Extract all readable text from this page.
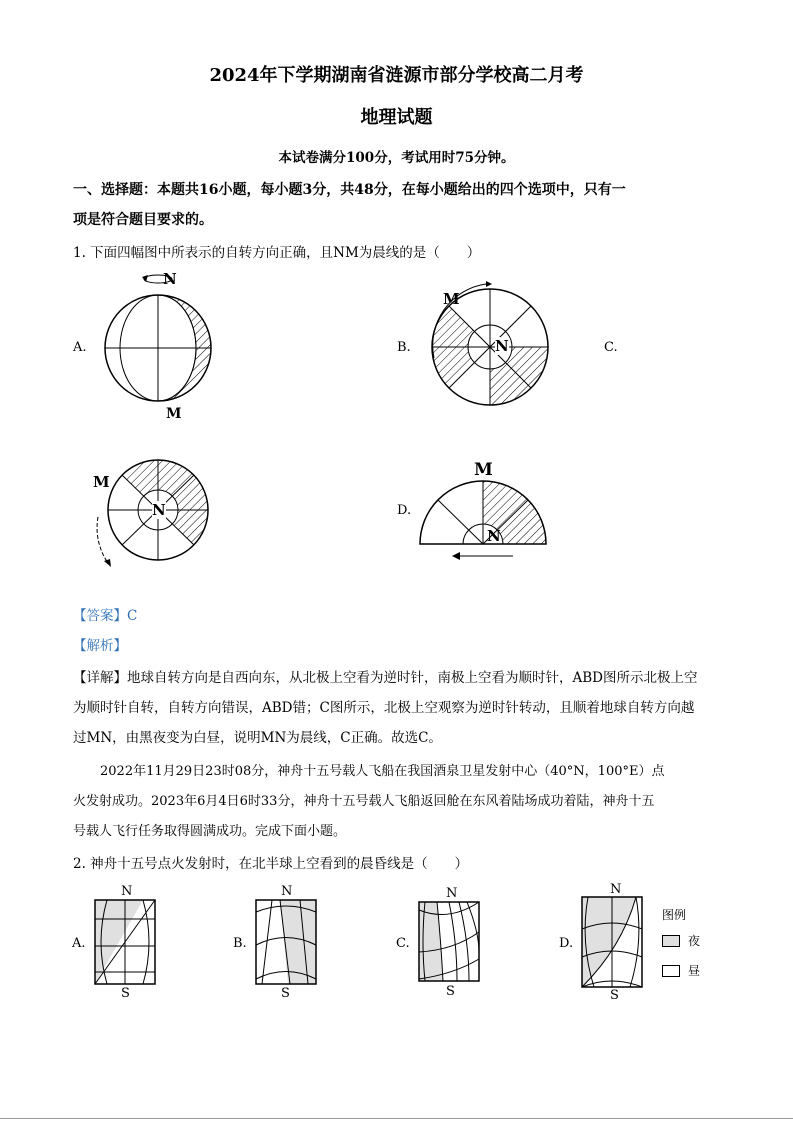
2024年下学期湖南省涟源市部分学校高二月考
地理试题
本试卷满分100分，考试用时75分钟。
一、选择题：本题共16小题，每小题3分，共48分，在每小题给出的四个选项中，只有一
项是符合题目要求的。
1. 下面四幅图中所表示的自转方向正确，且NM为晨线的是（　　）
A.
N
M
B.
M
N	C.
M
N	D.
M
N
【答案】C
【解析】
【详解】地球自转方向是自西向东，从北极上空看为逆时针，南极上空看为顺时针，ABD图所示北极上空
为顺时针自转，自转方向错误，ABD错；C图所示，北极上空观察为逆时针转动，且顺着地球自转方向越
过MN，由黑夜变为白昼，说明MN为晨线，C正确。故选C。
2022年11月29日23时08分，神舟十五号载人飞船在我国酒泉卫星发射中心（40°N，100°E）点
火发射成功。2023年6月4日6时33分，神舟十五号载人飞船返回舱在东风着陆场成功着陆，神舟十五
号载人飞行任务取得圆满成功。完成下面小题。
2. 神舟十五号点火发射时，在北半球上空看到的晨昏线是（　　）
A.
N
S
B.
N
S
C.
N
S
D.
N
S
图例
夜
昼
